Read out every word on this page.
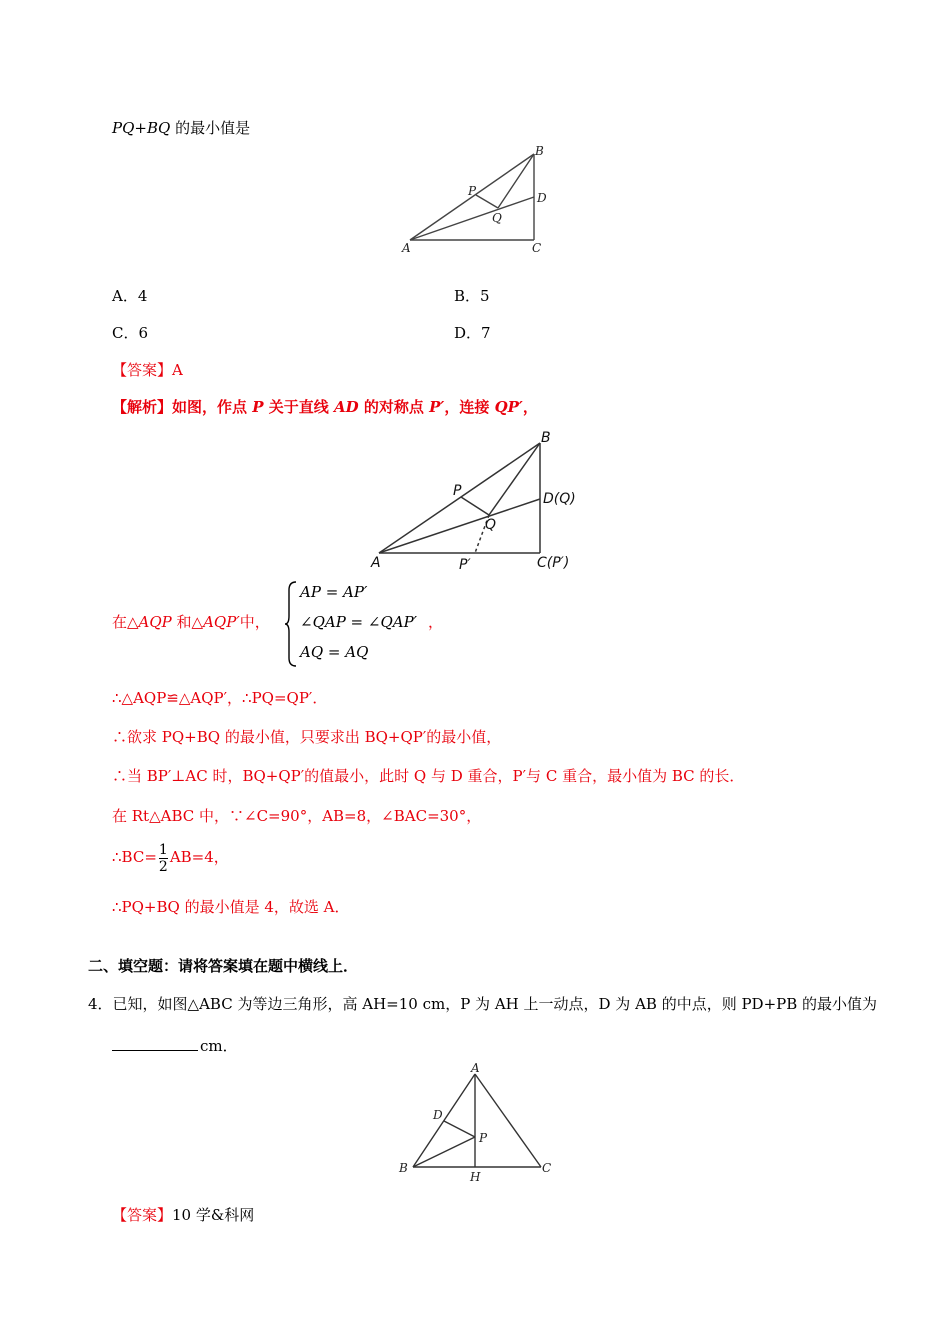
PQ+BQ 的最小值是
A
B
C
D
P
Q
A．4	B．5
C．6	D．7
【答案】A
【解析】如图，作点 P 关于直线 AD 的对称点 P′，连接 QP′，
A
B
C(P′)
D(Q)
P
Q
P′
在△AQP 和△AQP′中，
AP = AP′
∠QAP = ∠QAP′
AQ = AQ
，
∴△AQP≌△AQP′，∴PQ=QP′．
∴欲求 PQ+BQ 的最小值，只要求出 BQ+QP′的最小值，
∴当 BP′⊥AC 时，BQ+QP′的值最小，此时 Q 与 D 重合，P′与 C 重合，最小值为 BC 的长．
在 Rt△ABC 中，∵∠C=90°，AB=8，∠BAC=30°，
∴BC= $\frac{1}{2} AB=4$，
∴PQ+BQ 的最小值是 4，故选 A．
二、填空题：请将答案填在题中横线上．
4．已知，如图△ABC 为等边三角形，高 AH=10 cm，P 为 AH 上一动点，D 为 AB 的中点，则 PD+PB 的最小值为
cm．
A
B	C
D
P
H
【答案】10 学&科网
